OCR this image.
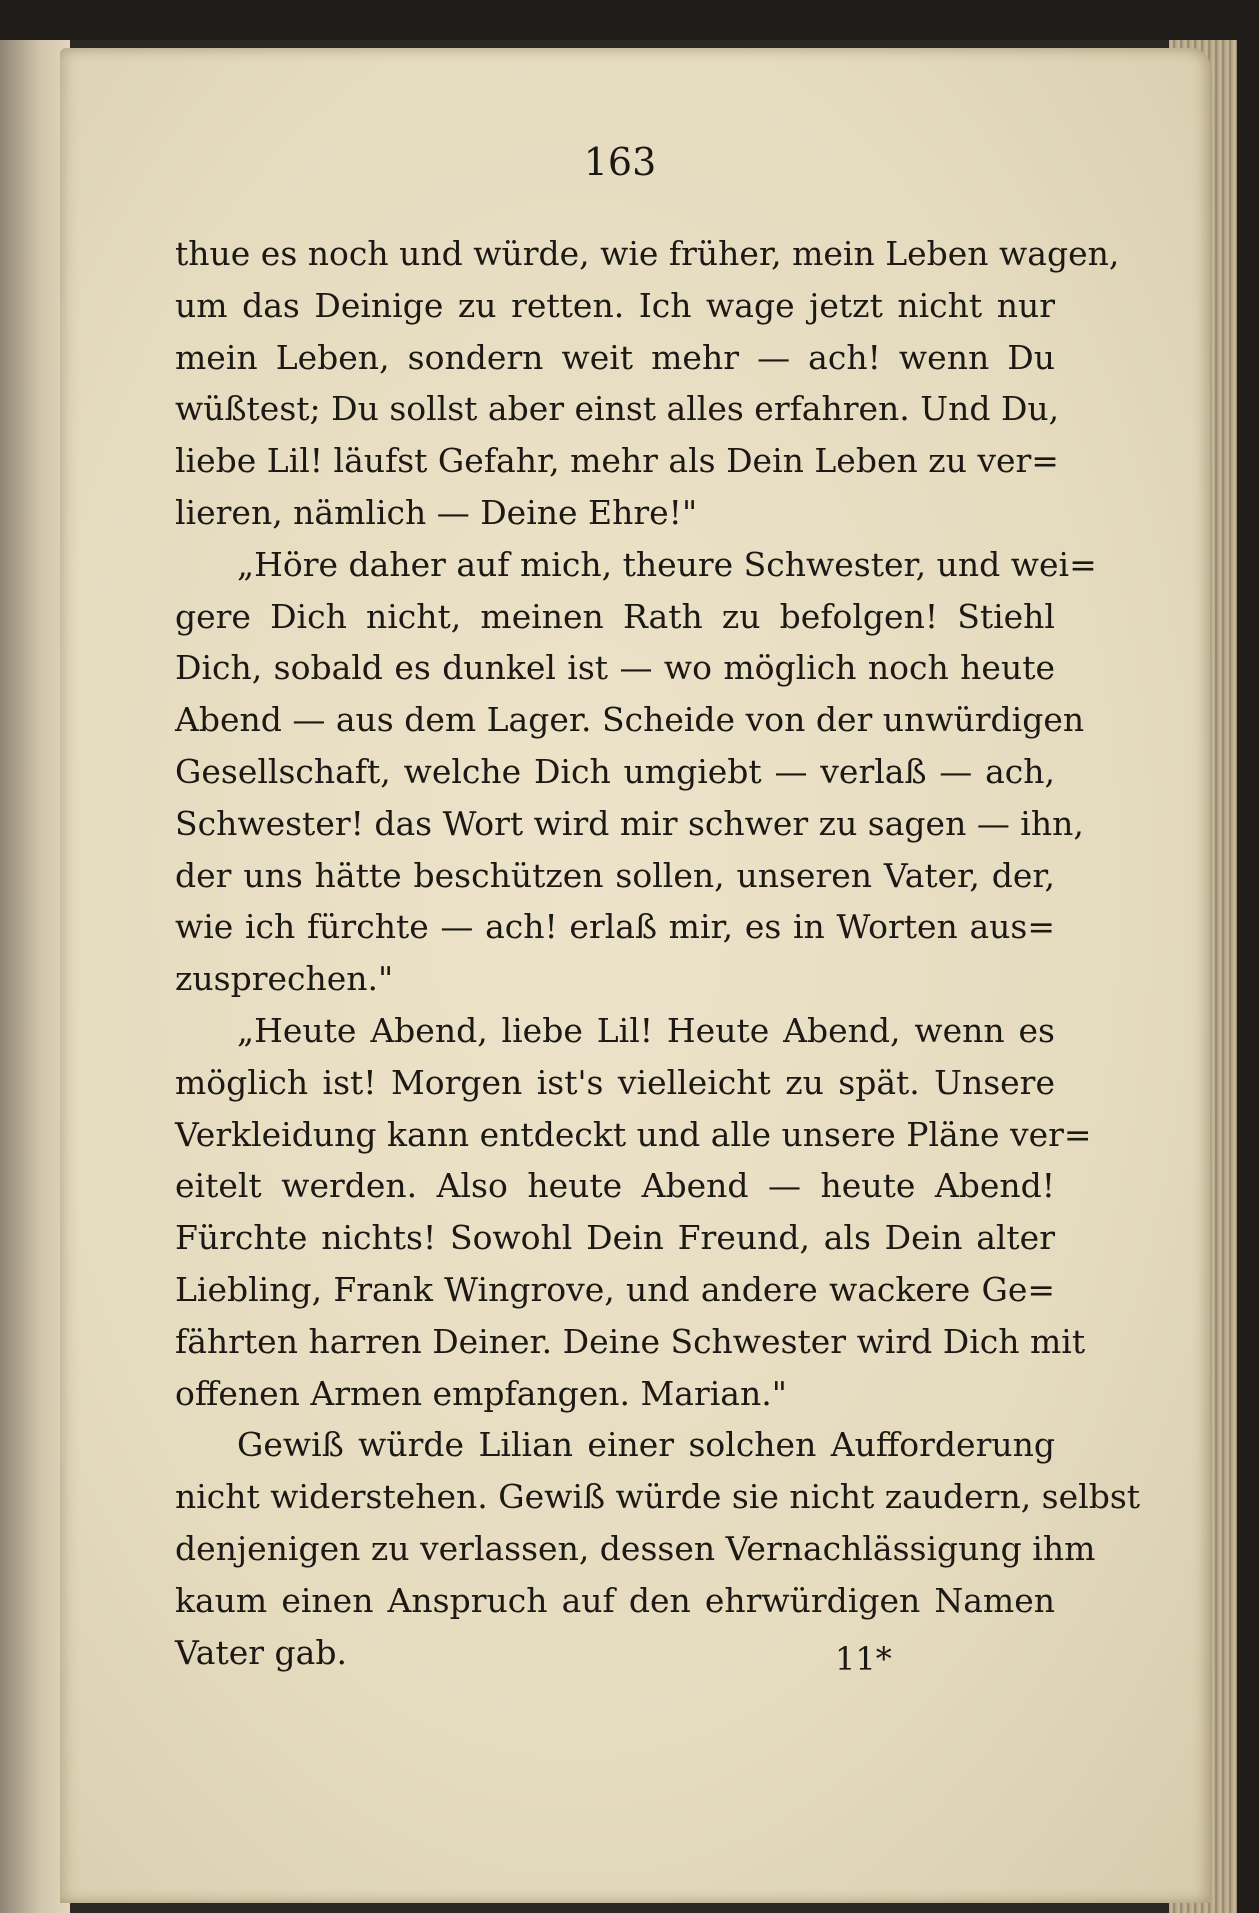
163
thue es noch und würde, wie früher, mein Leben wagen,
um das Deinige zu retten. Ich wage jetzt nicht nur
mein Leben, sondern weit mehr — ach! wenn Du
wüßtest; Du sollst aber einst alles erfahren. Und Du,
liebe Lil! läufst Gefahr, mehr als Dein Leben zu ver=
lieren, nämlich — Deine Ehre!"
„Höre daher auf mich, theure Schwester, und wei=
gere Dich nicht, meinen Rath zu befolgen! Stiehl
Dich, sobald es dunkel ist — wo möglich noch heute
Abend — aus dem Lager. Scheide von der unwürdigen
Gesellschaft, welche Dich umgiebt — verlaß — ach,
Schwester! das Wort wird mir schwer zu sagen — ihn,
der uns hätte beschützen sollen, unseren Vater, der,
wie ich fürchte — ach! erlaß mir, es in Worten aus=
zusprechen."
„Heute Abend, liebe Lil! Heute Abend, wenn es
möglich ist! Morgen ist's vielleicht zu spät. Unsere
Verkleidung kann entdeckt und alle unsere Pläne ver=
eitelt werden. Also heute Abend — heute Abend!
Fürchte nichts! Sowohl Dein Freund, als Dein alter
Liebling, Frank Wingrove, und andere wackere Ge=
fährten harren Deiner. Deine Schwester wird Dich mit
offenen Armen empfangen. Marian."
Gewiß würde Lilian einer solchen Aufforderung
nicht widerstehen. Gewiß würde sie nicht zaudern, selbst
denjenigen zu verlassen, dessen Vernachlässigung ihm
kaum einen Anspruch auf den ehrwürdigen Namen
Vater gab.	11*
